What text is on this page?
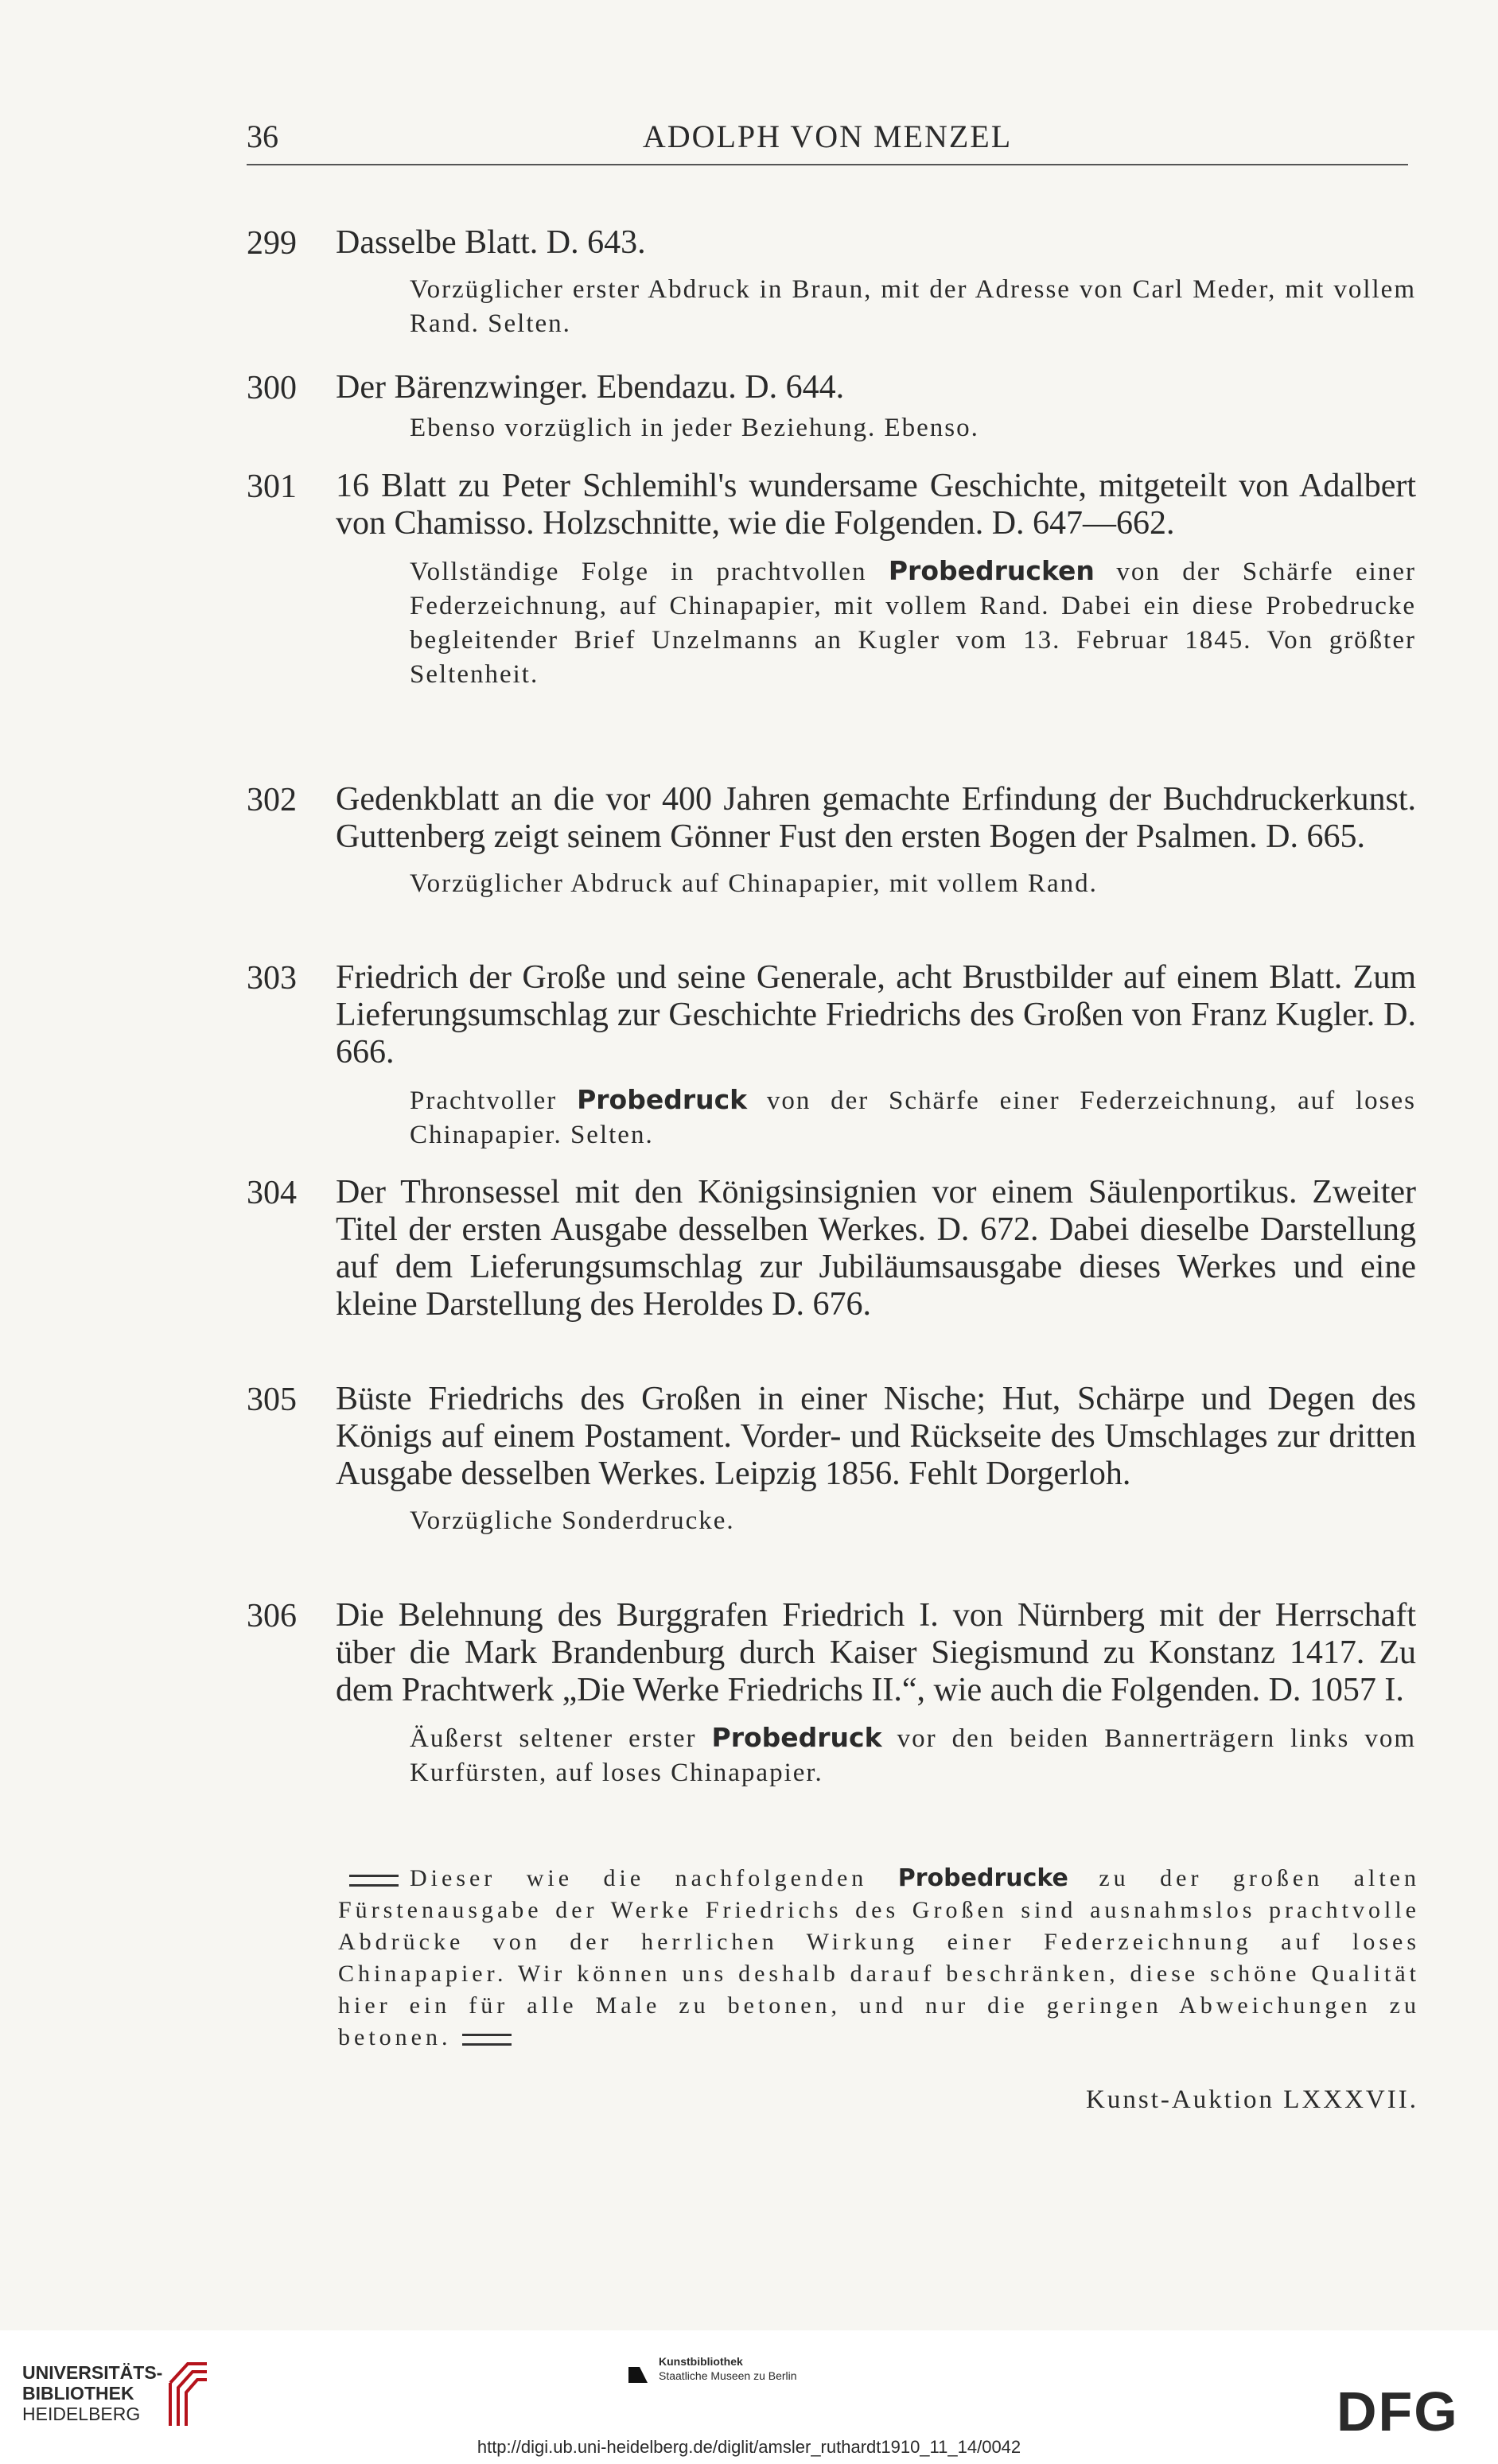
36	ADOLPH VON MENZEL
299 Dasselbe Blatt. D. 643.
Vorzüglicher erster Abdruck in Braun, mit der Adresse von Carl Meder, mit vollem Rand. Selten.
300 Der Bärenzwinger. Ebendazu. D. 644.
Ebenso vorzüglich in jeder Beziehung. Ebenso.
301 16 Blatt zu Peter Schlemihl's wundersame Geschichte, mitgeteilt von Adalbert von Chamisso. Holzschnitte, wie die Folgenden. D. 647—662.
Vollständige Folge in prachtvollen Probedrucken von der Schärfe einer Federzeichnung, auf Chinapapier, mit vollem Rand. Dabei ein diese Probedrucke begleitender Brief Unzelmanns an Kugler vom 13. Februar 1845. Von größter Seltenheit.
302 Gedenkblatt an die vor 400 Jahren gemachte Erfindung der Buchdruckerkunst. Guttenberg zeigt seinem Gönner Fust den ersten Bogen der Psalmen. D. 665.
Vorzüglicher Abdruck auf Chinapapier, mit vollem Rand.
303 Friedrich der Große und seine Generale, acht Brustbilder auf einem Blatt. Zum Lieferungsumschlag zur Geschichte Friedrichs des Großen von Franz Kugler. D. 666.
Prachtvoller Probedruck von der Schärfe einer Federzeichnung, auf loses Chinapapier. Selten.
304 Der Thronsessel mit den Königsinsignien vor einem Säulenportikus. Zweiter Titel der ersten Ausgabe desselben Werkes. D. 672. Dabei dieselbe Darstellung auf dem Lieferungsumschlag zur Jubiläumsausgabe dieses Werkes und eine kleine Darstellung des Heroldes D. 676.
305 Büste Friedrichs des Großen in einer Nische; Hut, Schärpe und Degen des Königs auf einem Postament. Vorder- und Rückseite des Umschlages zur dritten Ausgabe desselben Werkes. Leipzig 1856. Fehlt Dorgerloh.
Vorzügliche Sonderdrucke.
306 Die Belehnung des Burggrafen Friedrich I. von Nürnberg mit der Herrschaft über die Mark Brandenburg durch Kaiser Siegismund zu Konstanz 1417. Zu dem Prachtwerk „Die Werke Friedrichs II.“, wie auch die Folgenden. D. 1057 I.
Äußerst seltener erster Probedruck vor den beiden Bannerträgern links vom Kurfürsten, auf loses Chinapapier.
Dieser wie die nachfolgenden Probedrucke zu der großen alten Fürstenausgabe der Werke Friedrichs des Großen sind ausnahmslos prachtvolle Abdrücke von der herrlichen Wirkung einer Federzeichnung auf loses Chinapapier. Wir können uns deshalb darauf beschränken, diese schöne Qualität hier ein für alle Male zu betonen, und nur die geringen Abweichungen zu betonen.
Kunst-Auktion LXXXVII.
UNIVERSITÄTS-
BIBLIOTHEK
HEIDELBERG
Kunstbibliothek
Staatliche Museen zu Berlin
DFG
http://digi.ub.uni-heidelberg.de/diglit/amsler_ruthardt1910_11_14/0042
